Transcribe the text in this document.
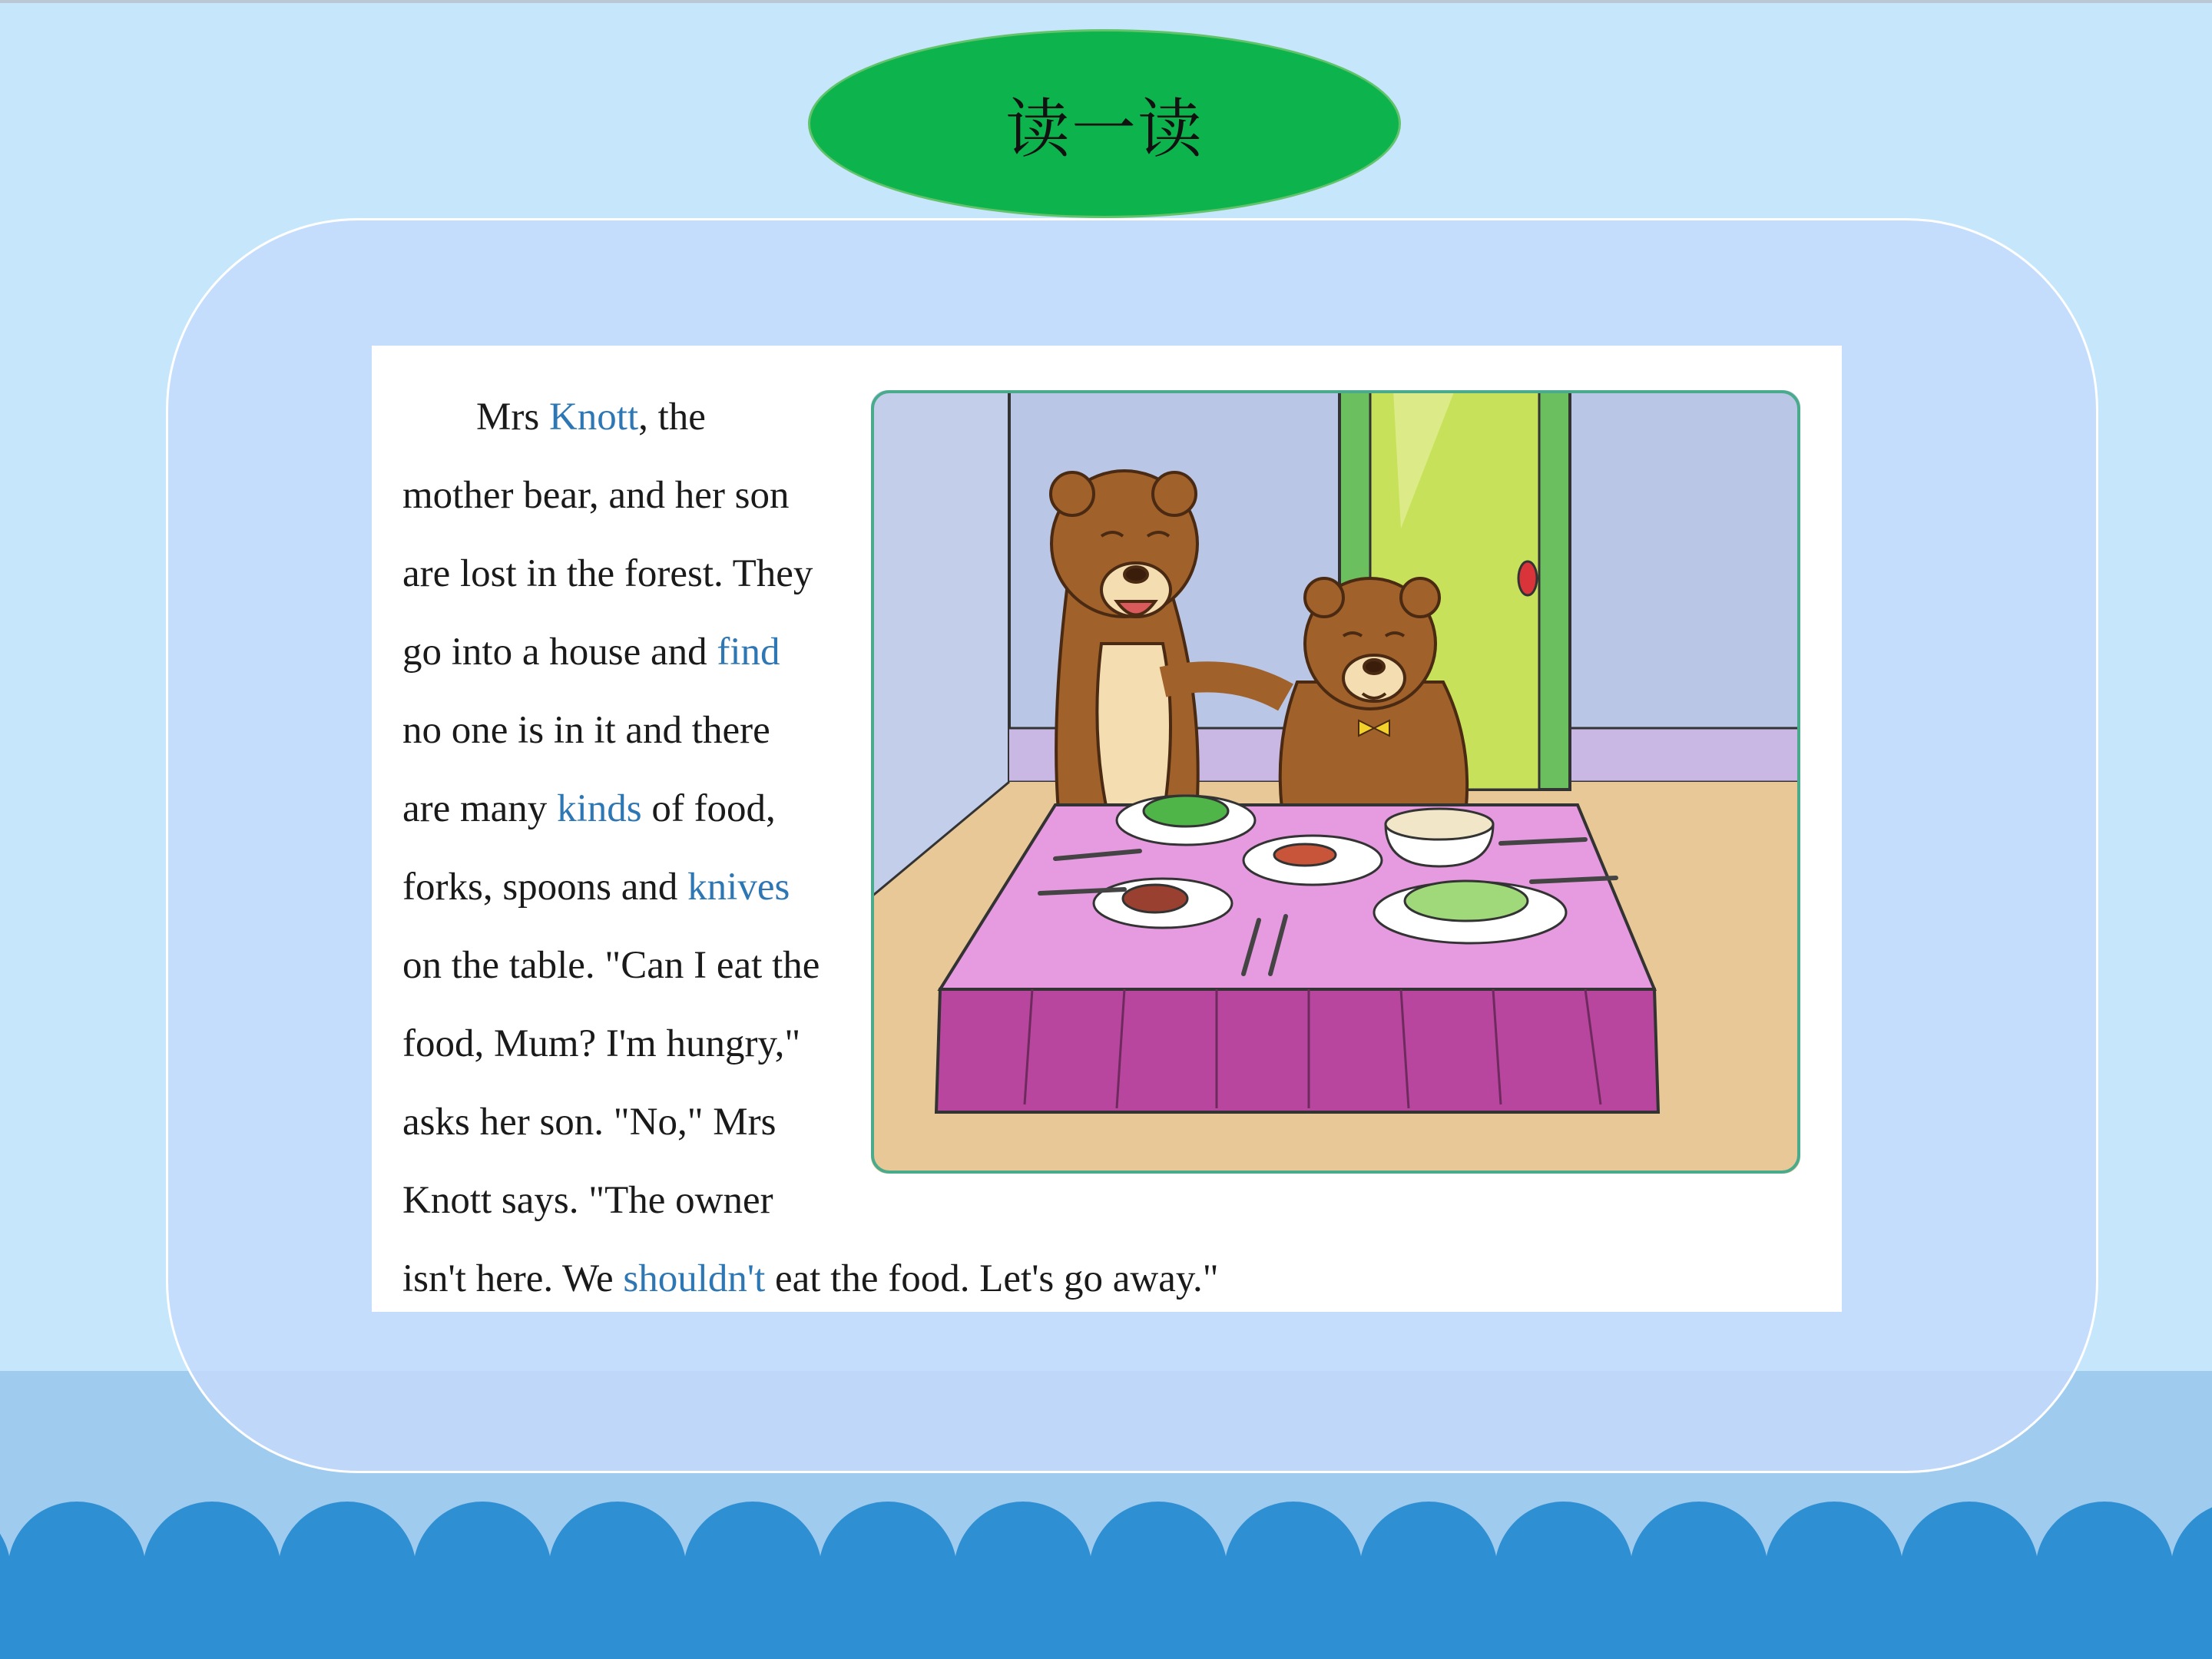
读一读
Mrs Knott, the
mother bear, and her son
are lost in the forest. They
go into a house and find
no one is in it and there
are many kinds of food,
forks, spoons and knives
on the table. "Can I eat the
food, Mum? I'm hungry,"
asks her son. "No," Mrs
Knott says. "The owner
isn't here. We shouldn't eat the food. Let's go away."
